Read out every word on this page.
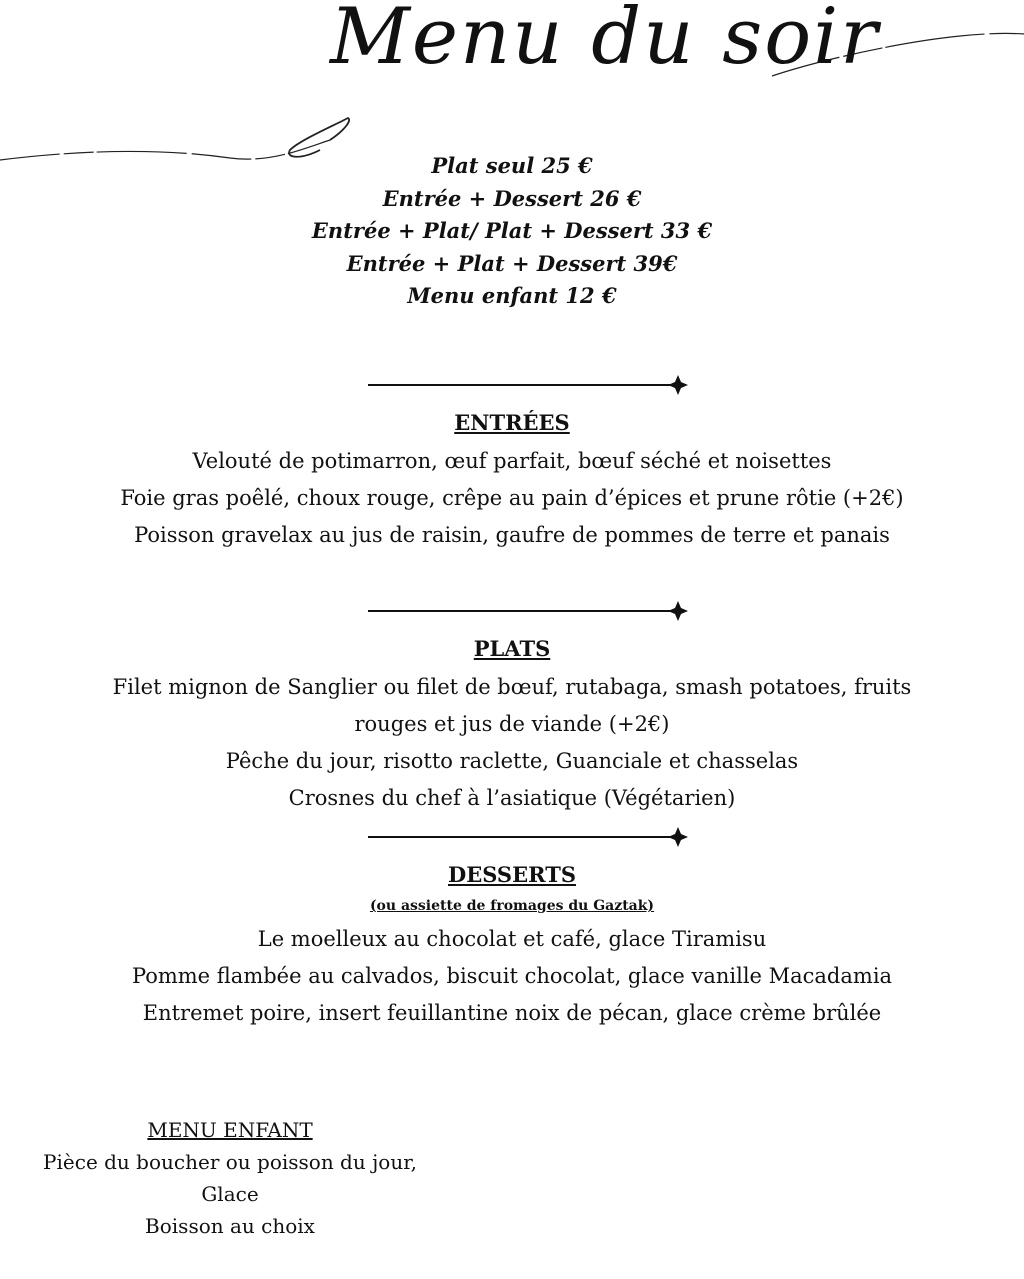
Menu du soir
Plat seul 25 €
Entrée + Dessert 26 €
Entrée + Plat/ Plat + Dessert 33 €
Entrée + Plat + Dessert 39€
Menu enfant 12 €
ENTRÉES
Velouté de potimarron, œuf parfait, bœuf séché et noisettes
Foie gras poêlé, choux rouge, crêpe au pain d’épices et prune rôtie (+2€)
Poisson gravelax au jus de raisin, gaufre de pommes de terre et panais
PLATS
Filet mignon de Sanglier ou filet de bœuf, rutabaga, smash potatoes, fruits
rouges et jus de viande (+2€)
Pêche du jour, risotto raclette, Guanciale et chasselas
Crosnes du chef à l’asiatique (Végétarien)
DESSERTS
(ou assiette de fromages du Gaztak)
Le moelleux au chocolat et café, glace Tiramisu
Pomme flambée au calvados, biscuit chocolat, glace vanille Macadamia
Entremet poire, insert feuillantine noix de pécan, glace crème brûlée
MENU ENFANT
Pièce du boucher ou poisson du jour,
Glace
Boisson au choix
